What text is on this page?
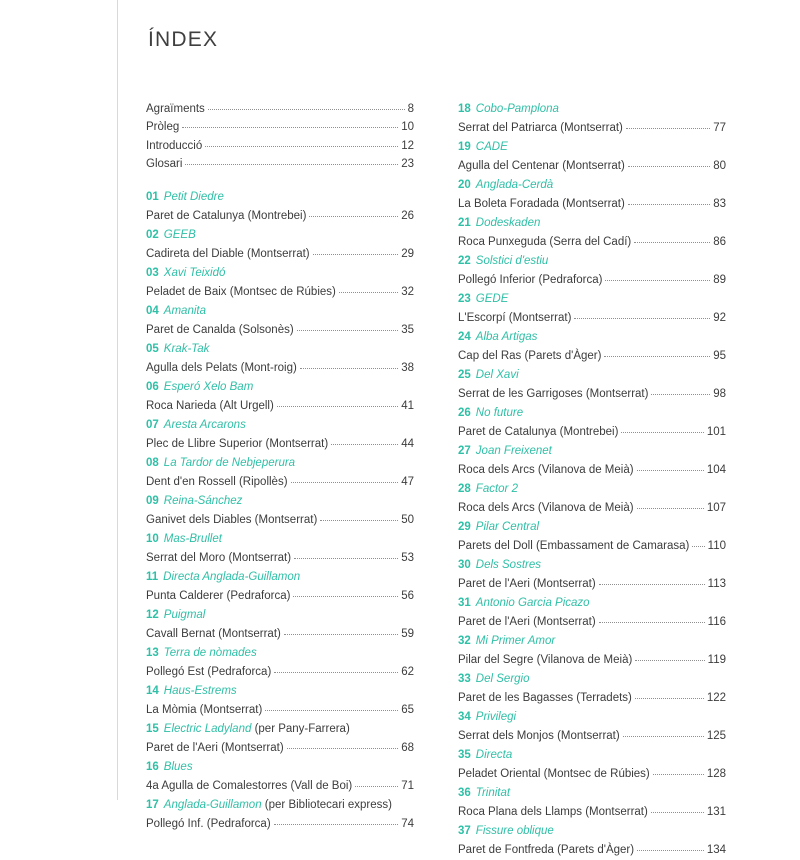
ÍNDEX
Agraïments	8
Pròleg	10
Introducció	12
Glosari	23
01 Petit Diedre
Paret de Catalunya (Montrebei)	26
02 GEEB
Cadireta del Diable (Montserrat)	29
03 Xavi Teixidó
Peladet de Baix (Montsec de Rúbies)	32
04 Amanita
Paret de Canalda (Solsonès)	35
05 Krak-Tak
Agulla dels Pelats (Mont-roig)	38
06 Esperó Xelo Bam
Roca Narieda (Alt Urgell)	41
07 Aresta Arcarons
Plec de Llibre Superior (Montserrat)	44
08 La Tardor de Nebjeperura
Dent d'en Rossell (Ripollès)	47
09 Reina-Sánchez
Ganivet dels Diables (Montserrat)	50
10 Mas-Brullet
Serrat del Moro (Montserrat)	53
11 Directa Anglada-Guillamon
Punta Calderer (Pedraforca)	56
12 Puigmal
Cavall Bernat (Montserrat)	59
13 Terra de nòmades
Pollegó Est (Pedraforca)	62
14 Haus-Estrems
La Mòmia (Montserrat)	65
15 Electric Ladyland (per Pany-Farrera)
Paret de l'Aeri (Montserrat)	68
16 Blues
4a Agulla de Comalestorres (Vall de Boi)	71
17 Anglada-Guillamon (per Bibliotecari express)
Pollegó Inf. (Pedraforca)	74
18 Cobo-Pamplona
Serrat del Patriarca (Montserrat)	77
19 CADE
Agulla del Centenar (Montserrat)	80
20 Anglada-Cerdà
La Boleta Foradada (Montserrat)	83
21 Dodeskaden
Roca Punxeguda (Serra del Cadí)	86
22 Solstici d'estiu
Pollegó Inferior (Pedraforca)	89
23 GEDE
L'Escorpí (Montserrat)	92
24 Alba Artigas
Cap del Ras (Parets d'Àger)	95
25 Del Xavi
Serrat de les Garrigoses (Montserrat)	98
26 No future
Paret de Catalunya (Montrebei)	101
27 Joan Freixenet
Roca dels Arcs (Vilanova de Meià)	104
28 Factor 2
Roca dels Arcs (Vilanova de Meià)	107
29 Pilar Central
Parets del Doll (Embassament de Camarasa) 110
30 Dels Sostres
Paret de l'Aeri (Montserrat)	113
31 Antonio Garcia Picazo
Paret de l'Aeri (Montserrat)	116
32 Mi Primer Amor
Pilar del Segre (Vilanova de Meià)	119
33 Del Sergio
Paret de les Bagasses (Terradets)	122
34 Privilegi
Serrat dels Monjos (Montserrat)	125
35 Directa
Peladet Oriental (Montsec de Rúbies)	128
36 Trinitat
Roca Plana dels Llamps (Montserrat)	131
37 Fissure oblique
Paret de Fontfreda (Parets d'Àger)	134
